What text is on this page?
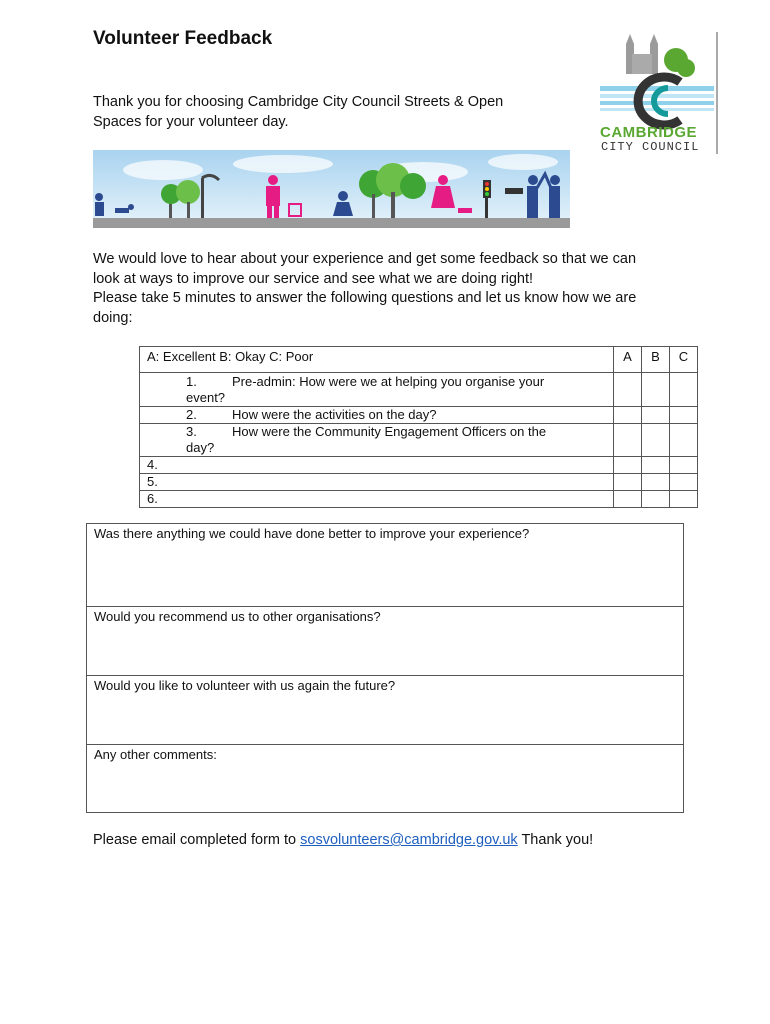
Volunteer Feedback
Thank you for choosing Cambridge City Council Streets & Open
Spaces for your volunteer day.
CAMBRIDGE
CITY COUNCIL
We would love to hear about your experience and get some feedback so that we can
look at ways to improve our service and see what we are doing right!
Please take 5 minutes to answer the following questions and let us know how we are
doing:
A: Excellent B: Okay C: Poor	A	B	C

1. Pre-admin: How were we at helping you organise your
event?			

2. How were the activities on the day?			

3. How were the Community Engagement Officers on the
day?			

4.			
5.			
6.			
Was there anything we could have done better to improve your experience?
Would you recommend us to other organisations?
Would you like to volunteer with us again the future?
Any other comments:
Please email completed form to sosvolunteers@cambridge.gov.uk Thank you!
